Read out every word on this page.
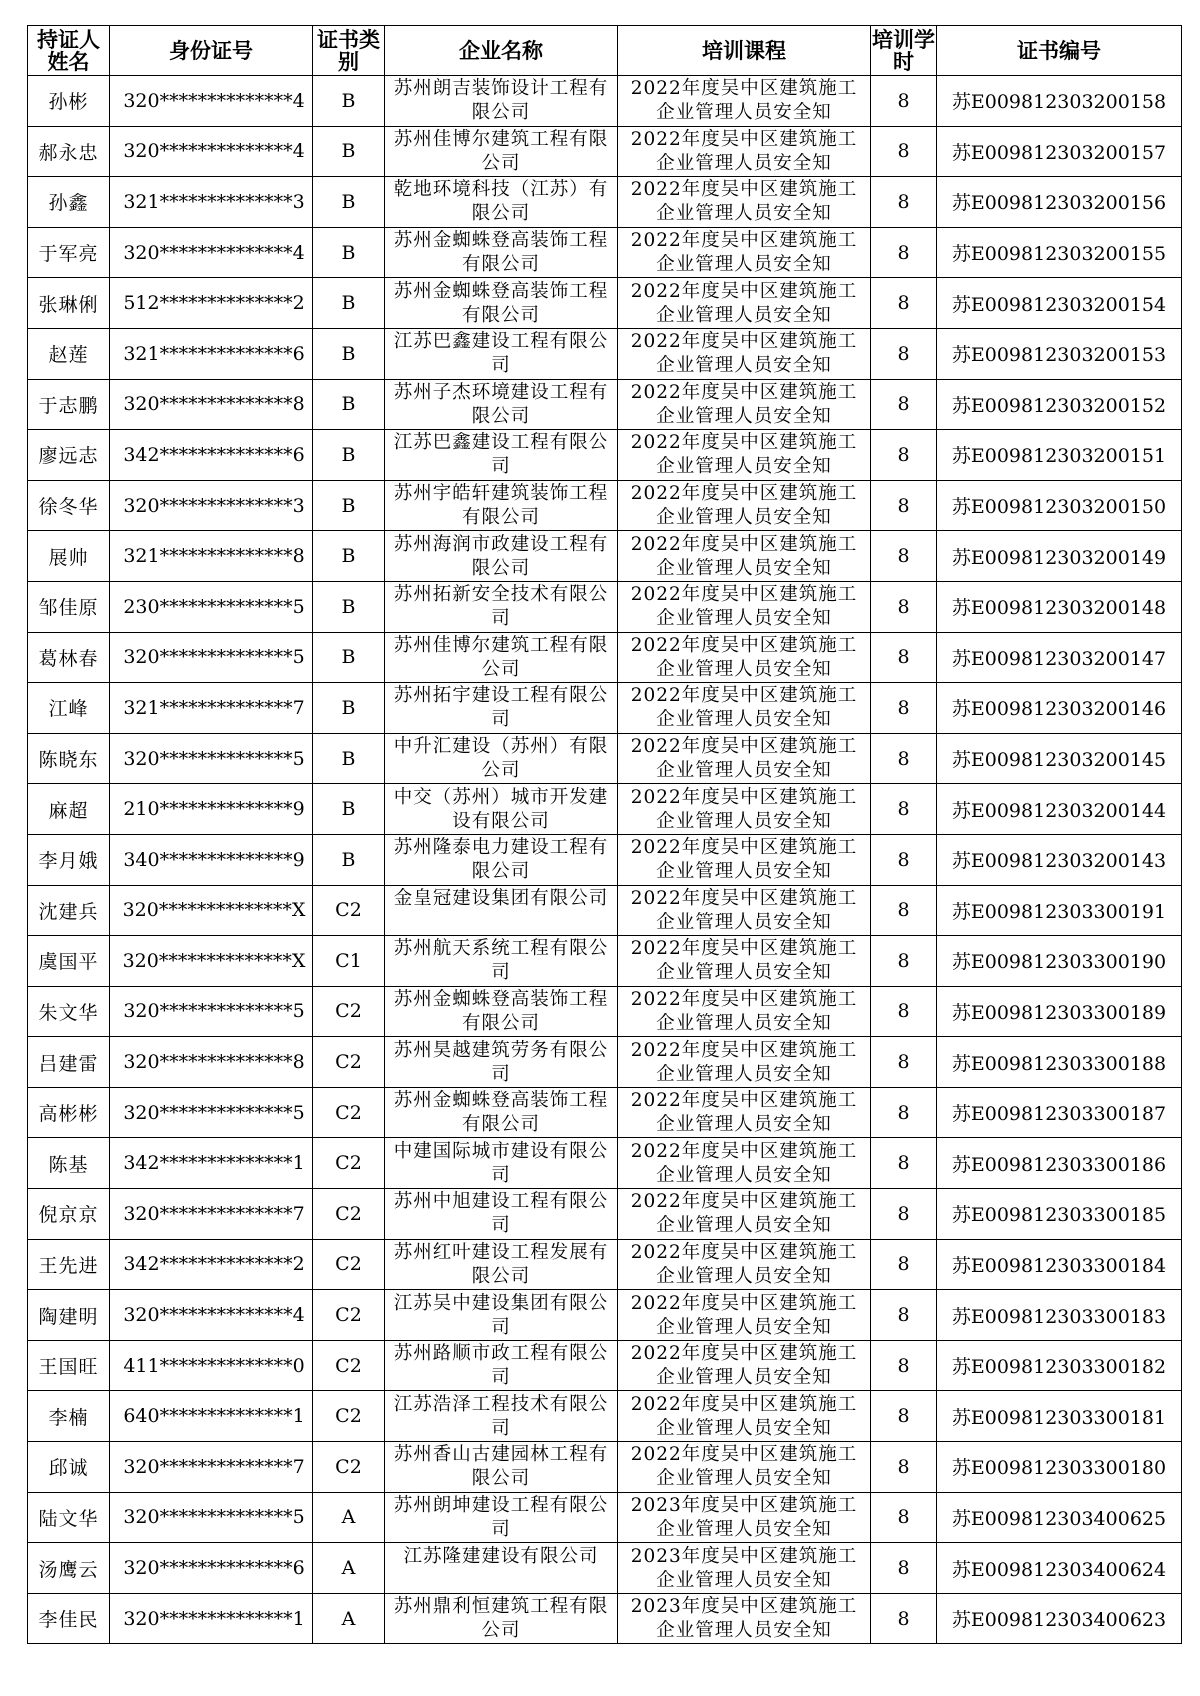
持证人姓名	身份证号	证书类别	企业名称	培训课程	培训学时	证书编号
孙彬	320**************4	B	苏州朗吉装饰设计工程有限公司	2022年度吴中区建筑施工企业管理人员安全知	8	苏E009812303200158
郝永忠	320**************4	B	苏州佳博尔建筑工程有限公司	2022年度吴中区建筑施工企业管理人员安全知	8	苏E009812303200157
孙鑫	321**************3	B	乾地环境科技（江苏）有限公司	2022年度吴中区建筑施工企业管理人员安全知	8	苏E009812303200156
于军亮	320**************4	B	苏州金蜘蛛登高装饰工程有限公司	2022年度吴中区建筑施工企业管理人员安全知	8	苏E009812303200155
张琳俐	512**************2	B	苏州金蜘蛛登高装饰工程有限公司	2022年度吴中区建筑施工企业管理人员安全知	8	苏E009812303200154
赵莲	321**************6	B	江苏巴鑫建设工程有限公司	2022年度吴中区建筑施工企业管理人员安全知	8	苏E009812303200153
于志鹏	320**************8	B	苏州子杰环境建设工程有限公司	2022年度吴中区建筑施工企业管理人员安全知	8	苏E009812303200152
廖远志	342**************6	B	江苏巴鑫建设工程有限公司	2022年度吴中区建筑施工企业管理人员安全知	8	苏E009812303200151
徐冬华	320**************3	B	苏州宇皓轩建筑装饰工程有限公司	2022年度吴中区建筑施工企业管理人员安全知	8	苏E009812303200150
展帅	321**************8	B	苏州海润市政建设工程有限公司	2022年度吴中区建筑施工企业管理人员安全知	8	苏E009812303200149
邹佳原	230**************5	B	苏州拓新安全技术有限公司	2022年度吴中区建筑施工企业管理人员安全知	8	苏E009812303200148
葛林春	320**************5	B	苏州佳博尔建筑工程有限公司	2022年度吴中区建筑施工企业管理人员安全知	8	苏E009812303200147
江峰	321**************7	B	苏州拓宇建设工程有限公司	2022年度吴中区建筑施工企业管理人员安全知	8	苏E009812303200146
陈晓东	320**************5	B	中升汇建设（苏州）有限公司	2022年度吴中区建筑施工企业管理人员安全知	8	苏E009812303200145
麻超	210**************9	B	中交（苏州）城市开发建设有限公司	2022年度吴中区建筑施工企业管理人员安全知	8	苏E009812303200144
李月娥	340**************9	B	苏州隆泰电力建设工程有限公司	2022年度吴中区建筑施工企业管理人员安全知	8	苏E009812303200143
沈建兵	320**************X	C2	金皇冠建设集团有限公司	2022年度吴中区建筑施工企业管理人员安全知	8	苏E009812303300191
虞国平	320**************X	C1	苏州航天系统工程有限公司	2022年度吴中区建筑施工企业管理人员安全知	8	苏E009812303300190
朱文华	320**************5	C2	苏州金蜘蛛登高装饰工程有限公司	2022年度吴中区建筑施工企业管理人员安全知	8	苏E009812303300189
吕建雷	320**************8	C2	苏州昊越建筑劳务有限公司	2022年度吴中区建筑施工企业管理人员安全知	8	苏E009812303300188
高彬彬	320**************5	C2	苏州金蜘蛛登高装饰工程有限公司	2022年度吴中区建筑施工企业管理人员安全知	8	苏E009812303300187
陈基	342**************1	C2	中建国际城市建设有限公司	2022年度吴中区建筑施工企业管理人员安全知	8	苏E009812303300186
倪京京	320**************7	C2	苏州中旭建设工程有限公司	2022年度吴中区建筑施工企业管理人员安全知	8	苏E009812303300185
王先进	342**************2	C2	苏州红叶建设工程发展有限公司	2022年度吴中区建筑施工企业管理人员安全知	8	苏E009812303300184
陶建明	320**************4	C2	江苏吴中建设集团有限公司	2022年度吴中区建筑施工企业管理人员安全知	8	苏E009812303300183
王国旺	411**************0	C2	苏州路顺市政工程有限公司	2022年度吴中区建筑施工企业管理人员安全知	8	苏E009812303300182
李楠	640**************1	C2	江苏浩泽工程技术有限公司	2022年度吴中区建筑施工企业管理人员安全知	8	苏E009812303300181
邱诚	320**************7	C2	苏州香山古建园林工程有限公司	2022年度吴中区建筑施工企业管理人员安全知	8	苏E009812303300180
陆文华	320**************5	A	苏州朗坤建设工程有限公司	2023年度吴中区建筑施工企业管理人员安全知	8	苏E009812303400625
汤鹰云	320**************6	A	江苏隆建建设有限公司	2023年度吴中区建筑施工企业管理人员安全知	8	苏E009812303400624
李佳民	320**************1	A	苏州鼎利恒建筑工程有限公司	2023年度吴中区建筑施工企业管理人员安全知	8	苏E009812303400623
